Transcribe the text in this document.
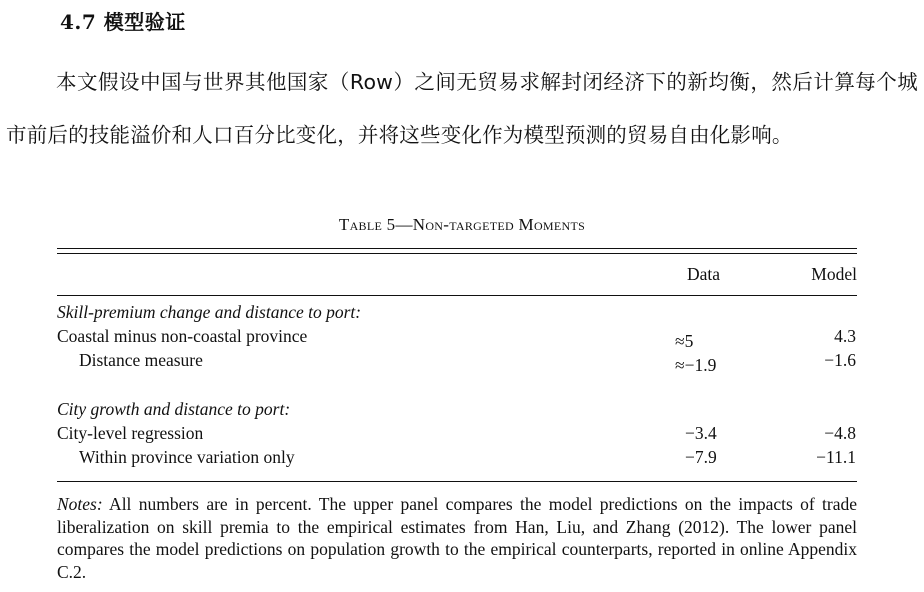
4.7 模型验证

本文假设中国与世界其他国家（Row）之间无贸易求解封闭经济下的新均衡，然后计算每个城市前后的技能溢价和人口百分比变化，并将这些变化作为模型预测的贸易自由化影响。

Table 5—Non-targeted Moments
Data	Model
Skill-premium change and distance to port:
Coastal minus non-coastal province	≈5	4.3
Distance measure	≈−1.9	−1.6
City growth and distance to port:
City-level regression	−3.4	−4.8
Within province variation only	−7.9	−11.1

Notes: All numbers are in percent. The upper panel compares the model predictions on the impacts of trade liberalization on skill premia to the empirical estimates from Han, Liu, and Zhang (2012). The lower panel compares the model predictions on population growth to the empirical counterparts, reported in online Appendix C.2.
